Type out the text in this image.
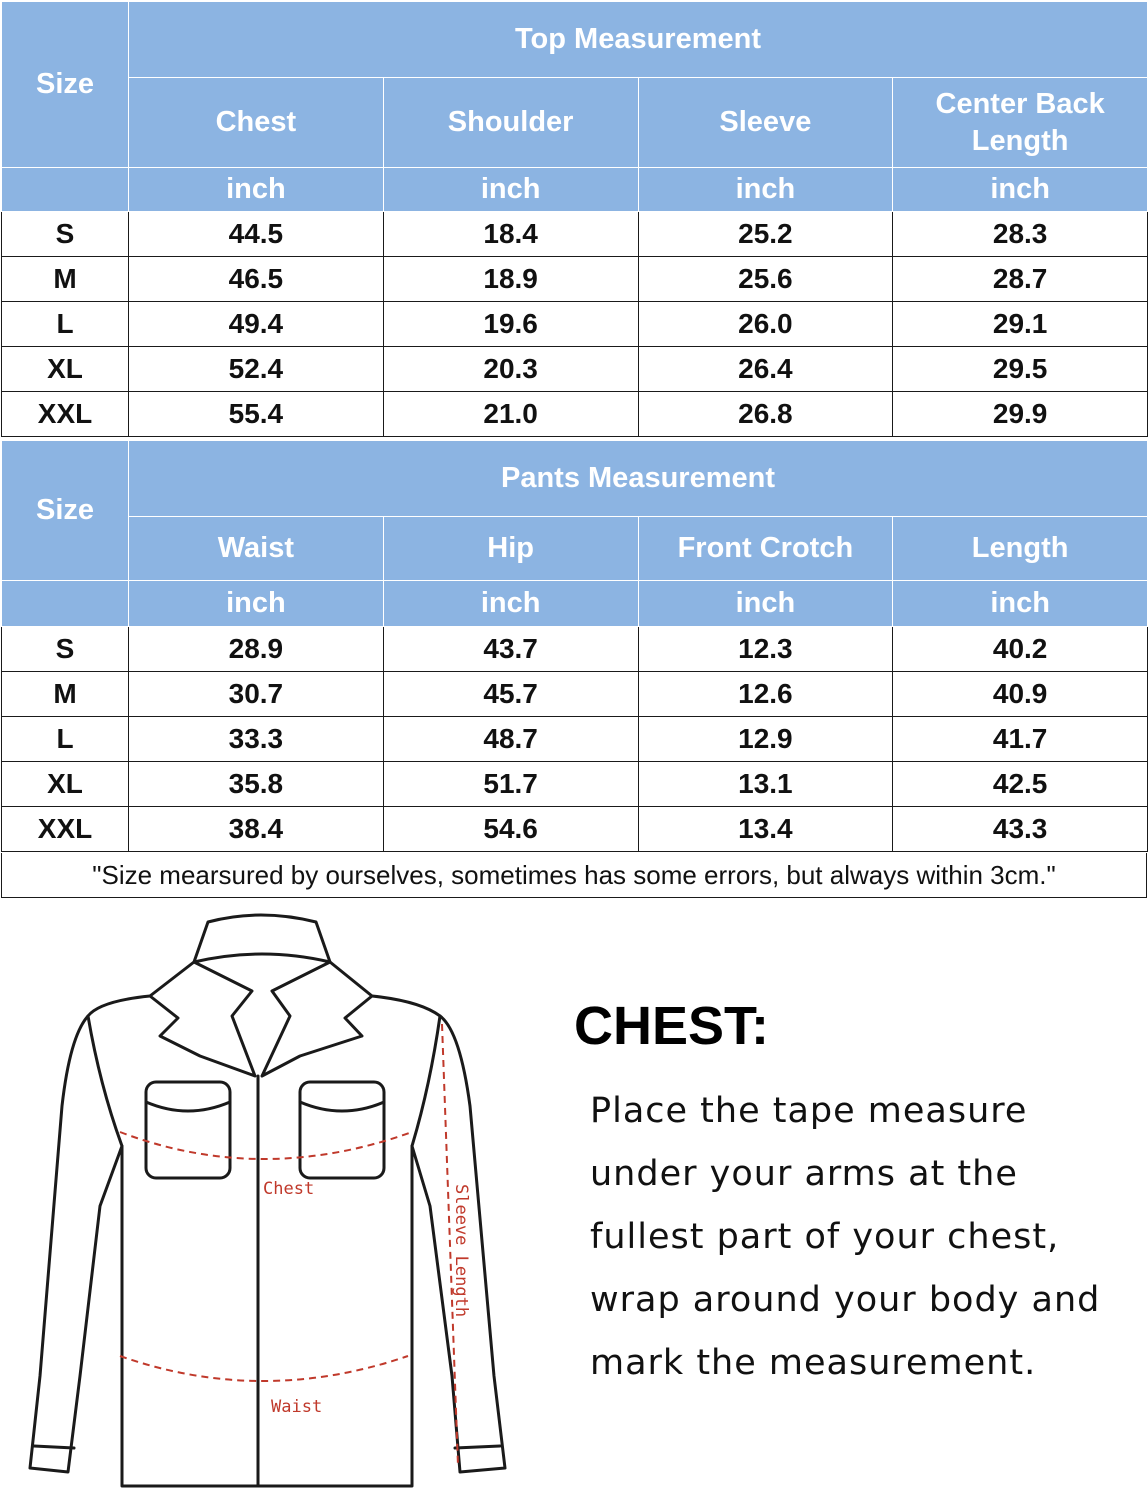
Size	Top Measurement			
	Chest	Shoulder	Sleeve	Center Back Length
	inch	inch	inch	inch
S	44.5	18.4	25.2	28.3
M	46.5	18.9	25.6	28.7
L	49.4	19.6	26.0	29.1
XL	52.4	20.3	26.4	29.5
XXL	55.4	21.0	26.8	29.9
Size	Pants Measurement			
	Waist	Hip	Front Crotch	Length
	inch	inch	inch	inch
S	28.9	43.7	12.3	40.2
M	30.7	45.7	12.6	40.9
L	33.3	48.7	12.9	41.7
XL	35.8	51.7	13.1	42.5
XXL	38.4	54.6	13.4	43.3
"Size mearsured by ourselves, sometimes has some errors, but always within 3cm."
Chest
Waist
Sleeve Length
CHEST:

Place the tape measure under your arms at the fullest part of your chest, wrap around your body and mark the measurement.
